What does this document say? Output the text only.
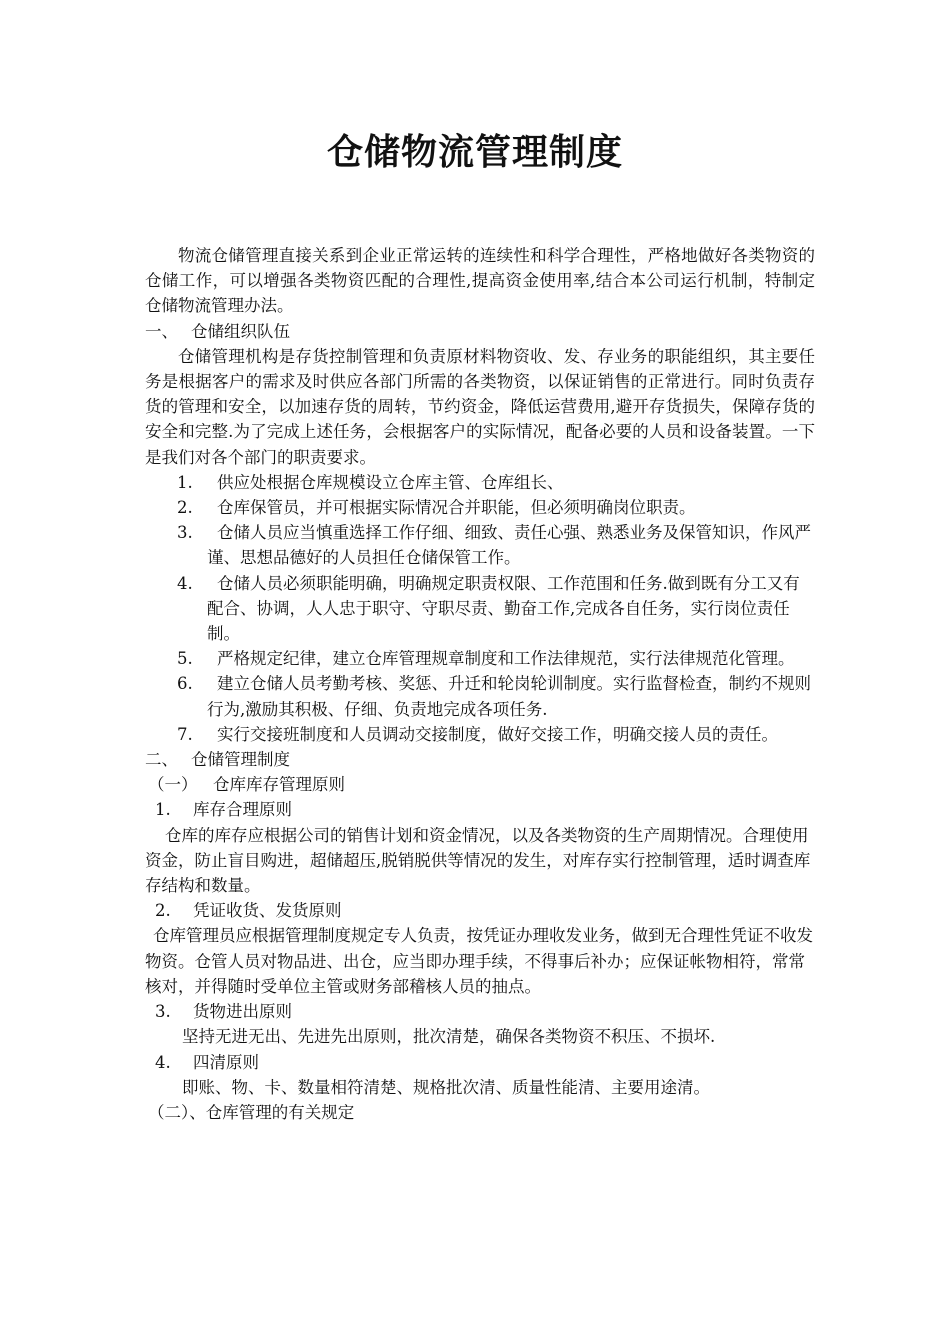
仓储物流管理制度

物流仓储管理直接关系到企业正常运转的连续性和科学合理性，严格地做好各类物资的仓储工作，可以增强各类物资匹配的合理性,提高资金使用率,结合本公司运行机制，特制定仓储物流管理办法。

一、 仓储组织队伍

仓储管理机构是存货控制管理和负责原材料物资收、发、存业务的职能组织，其主要任务是根据客户的需求及时供应各部门所需的各类物资，以保证销售的正常进行。同时负责存货的管理和安全，以加速存货的周转，节约资金，降低运营费用,避开存货损失，保障存货的安全和完整.为了完成上述任务，会根据客户的实际情况，配备必要的人员和设备装置。一下是我们对各个部门的职责要求。

1. 供应处根据仓库规模设立仓库主管、仓库组长、

2. 仓库保管员，并可根据实际情况合并职能，但必须明确岗位职责。

3. 仓储人员应当慎重选择工作仔细、细致、责任心强、熟悉业务及保管知识，作风严谨、思想品德好的人员担任仓储保管工作。

4. 仓储人员必须职能明确，明确规定职责权限、工作范围和任务.做到既有分工又有配合、协调，人人忠于职守、守职尽责、勤奋工作,完成各自任务，实行岗位责任制。

5. 严格规定纪律，建立仓库管理规章制度和工作法律规范，实行法律规范化管理。

6. 建立仓储人员考勤考核、奖惩、升迁和轮岗轮训制度。实行监督检查，制约不规则行为,激励其积极、仔细、负责地完成各项任务.

7. 实行交接班制度和人员调动交接制度，做好交接工作，明确交接人员的责任。

二、 仓储管理制度

（一） 仓库库存管理原则

1. 库存合理原则

仓库的库存应根据公司的销售计划和资金情况，以及各类物资的生产周期情况。合理使用资金，防止盲目购进，超储超压,脱销脱供等情况的发生，对库存实行控制管理，适时调查库存结构和数量。

2. 凭证收货、发货原则

仓库管理员应根据管理制度规定专人负责，按凭证办理收发业务，做到无合理性凭证不收发物资。仓管人员对物品进、出仓，应当即办理手续，不得事后补办；应保证帐物相符，常常核对，并得随时受单位主管或财务部稽核人员的抽点。

3. 货物进出原则

坚持无进无出、先进先出原则，批次清楚，确保各类物资不积压、不损坏.

4. 四清原则

即账、物、卡、数量相符清楚、规格批次清、质量性能清、主要用途清。

（二）、仓库管理的有关规定
